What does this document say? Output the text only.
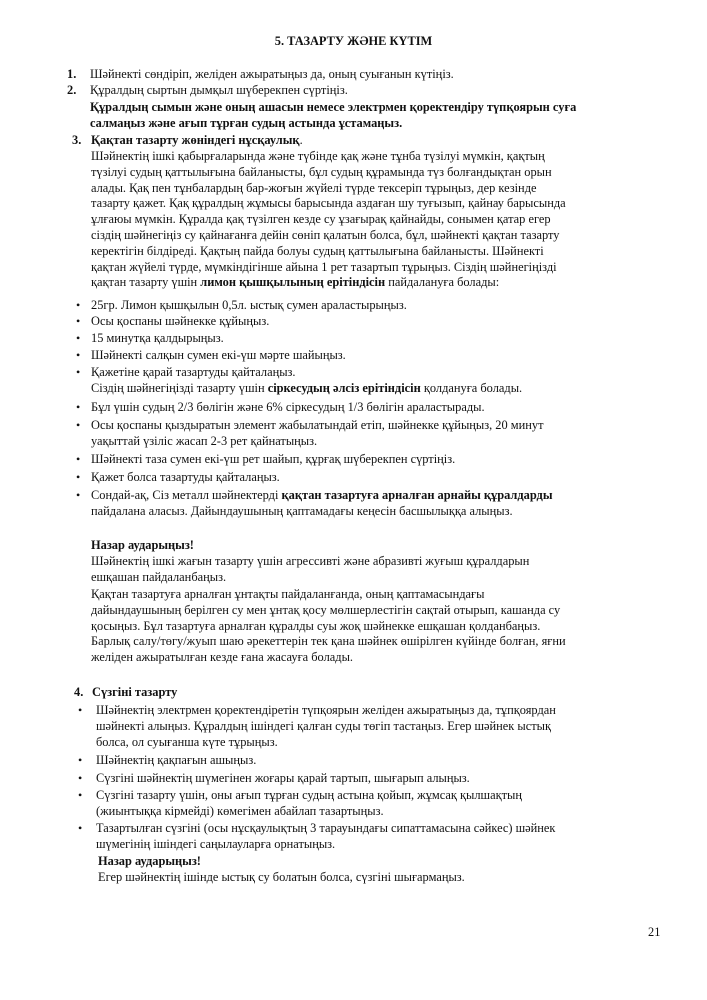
5. ТАЗАРТУ ЖӘНЕ КҮТІМ
1. Шәйнекті сөндіріп, желіден ажыратыңыз да, оның суығанын күтіңіз.
2. Құралдың сыртын дымқыл шүберекпен сүртіңіз.

Құралдың сымын және оның ашасын немесе электрмен қоректендіру түпқоярын суға

салмаңыз және ағып тұрған судың астында ұстамаңыз.

3. Қақтан тазарту жөніндегі нұсқаулық.

Шәйнектің ішкі қабырғаларында және түбінде қақ және тұнба түзілуі мүмкін, қақтың

түзілуі судың қаттылығына байланысты, бұл судың құрамында түз болғандықтан орын

алады. Қақ пен тұнбалардың бар-жоғын жүйелі түрде тексеріп тұрыңыз, дер кезінде

тазарту қажет. Қақ құралдың жұмысы барысында аздаған шу туғызып, қайнау барысында

ұлғаюы мүмкін. Құралда қақ түзілген кезде су ұзағырақ қайнайды, сонымен қатар егер

сіздің шәйнегіңіз су қайнағанға дейін сөніп қалатын болса, бұл, шәйнекті қақтан тазарту

керектігін білдіреді. Қақтың пайда болуы судың қаттылығына байланысты. Шәйнекті

қақтан жүйелі түрде, мүмкіндігінше айына 1 рет тазартып тұрыңыз. Сіздің шәйнегіңізді

қақтан тазарту үшін лимон қышқылының ерітіндісін пайдалануға болады:

• 25гр. Лимон қышқылын 0,5л. ыстық сумен араластырыңыз.
• Осы қоспаны шәйнекке құйыңыз.
• 15 минутқа қалдырыңыз.
• Шәйнекті салқын сумен екі-үш мәрте шайыңыз.
• Қажетіне қарай тазартуды қайталаңыз.
Сіздің шәйнегіңізді тазарту үшін сіркесудың әлсіз ерітіндісін қолдануға болады.
• Бұл үшін судың 2/3 бөлігін және 6% сіркесудың 1/3 бөлігін араластырады.
• Осы қоспаны қыздыратын элемент жабылатындай етіп, шәйнекке құйыңыз, 20 минут

уақыттай үзіліс жасап 2-3 рет қайнатыңыз.

• Шәйнекті таза сумен екі-үш рет шайып, құрғақ шүберекпен сүртіңіз.
• Қажет болса тазартуды қайталаңыз.
• Сондай-ақ, Сіз металл шәйнектерді қақтан тазартуға арналған арнайы құралдарды

пайдалана аласыз. Дайындаушының қаптамадағы кеңесін басшылыққа алыңыз.

Назар аударыңыз!

Шәйнектің ішкі жағын тазарту үшін агрессивті және абразивті жуғыш құралдарын

ешқашан пайдаланбаңыз.

Қақтан тазартуға арналған ұнтақты пайдаланғанда, оның қаптамасындағы

дайындаушының берілген су мен ұнтақ қосу мөлшерлестігін сақтай отырып, кашанда су

қосыңыз. Бұл тазартуға арналған құралды суы жоқ шәйнекке ешқашан қолданбаңыз.

Барлық салу/төгу/жуып шаю әрекеттерін тек қана шәйнек өшірілген күйінде болған, яғни

желіден ажыратылған кезде ғана жасауға болады.

4. Сүзгіні тазарту
• Шәйнектің электрмен қоректендіретін түпқоярын желіден ажыратыңыз да, тұпқоярдан

шәйнекті алыңыз. Құралдың ішіндегі қалған суды төгіп тастаңыз. Егер шәйнек ыстық

болса, ол суығанша күте тұрыңыз.

• Шәйнектің қақпағын ашыңыз.
• Сүзгіні шәйнектің шүмегінен жоғары қарай тартып, шығарып алыңыз.
• Сүзгіні тазарту үшін, оны ағып тұрған судың астына қойып, жұмсақ қылшақтың

(жиынтыққа кірмейді) көмегімен абайлап тазартыңыз.

• Тазартылған сүзгіні (осы нұсқаулықтың 3 тарауындағы сипаттамасына сәйкес) шәйнек

шүмегінің ішіндегі саңылауларға орнатыңыз.

Назар аударыңыз!
Егер шәйнектің ішінде ыстық су болатын болса, сүзгіні шығармаңыз.
21
